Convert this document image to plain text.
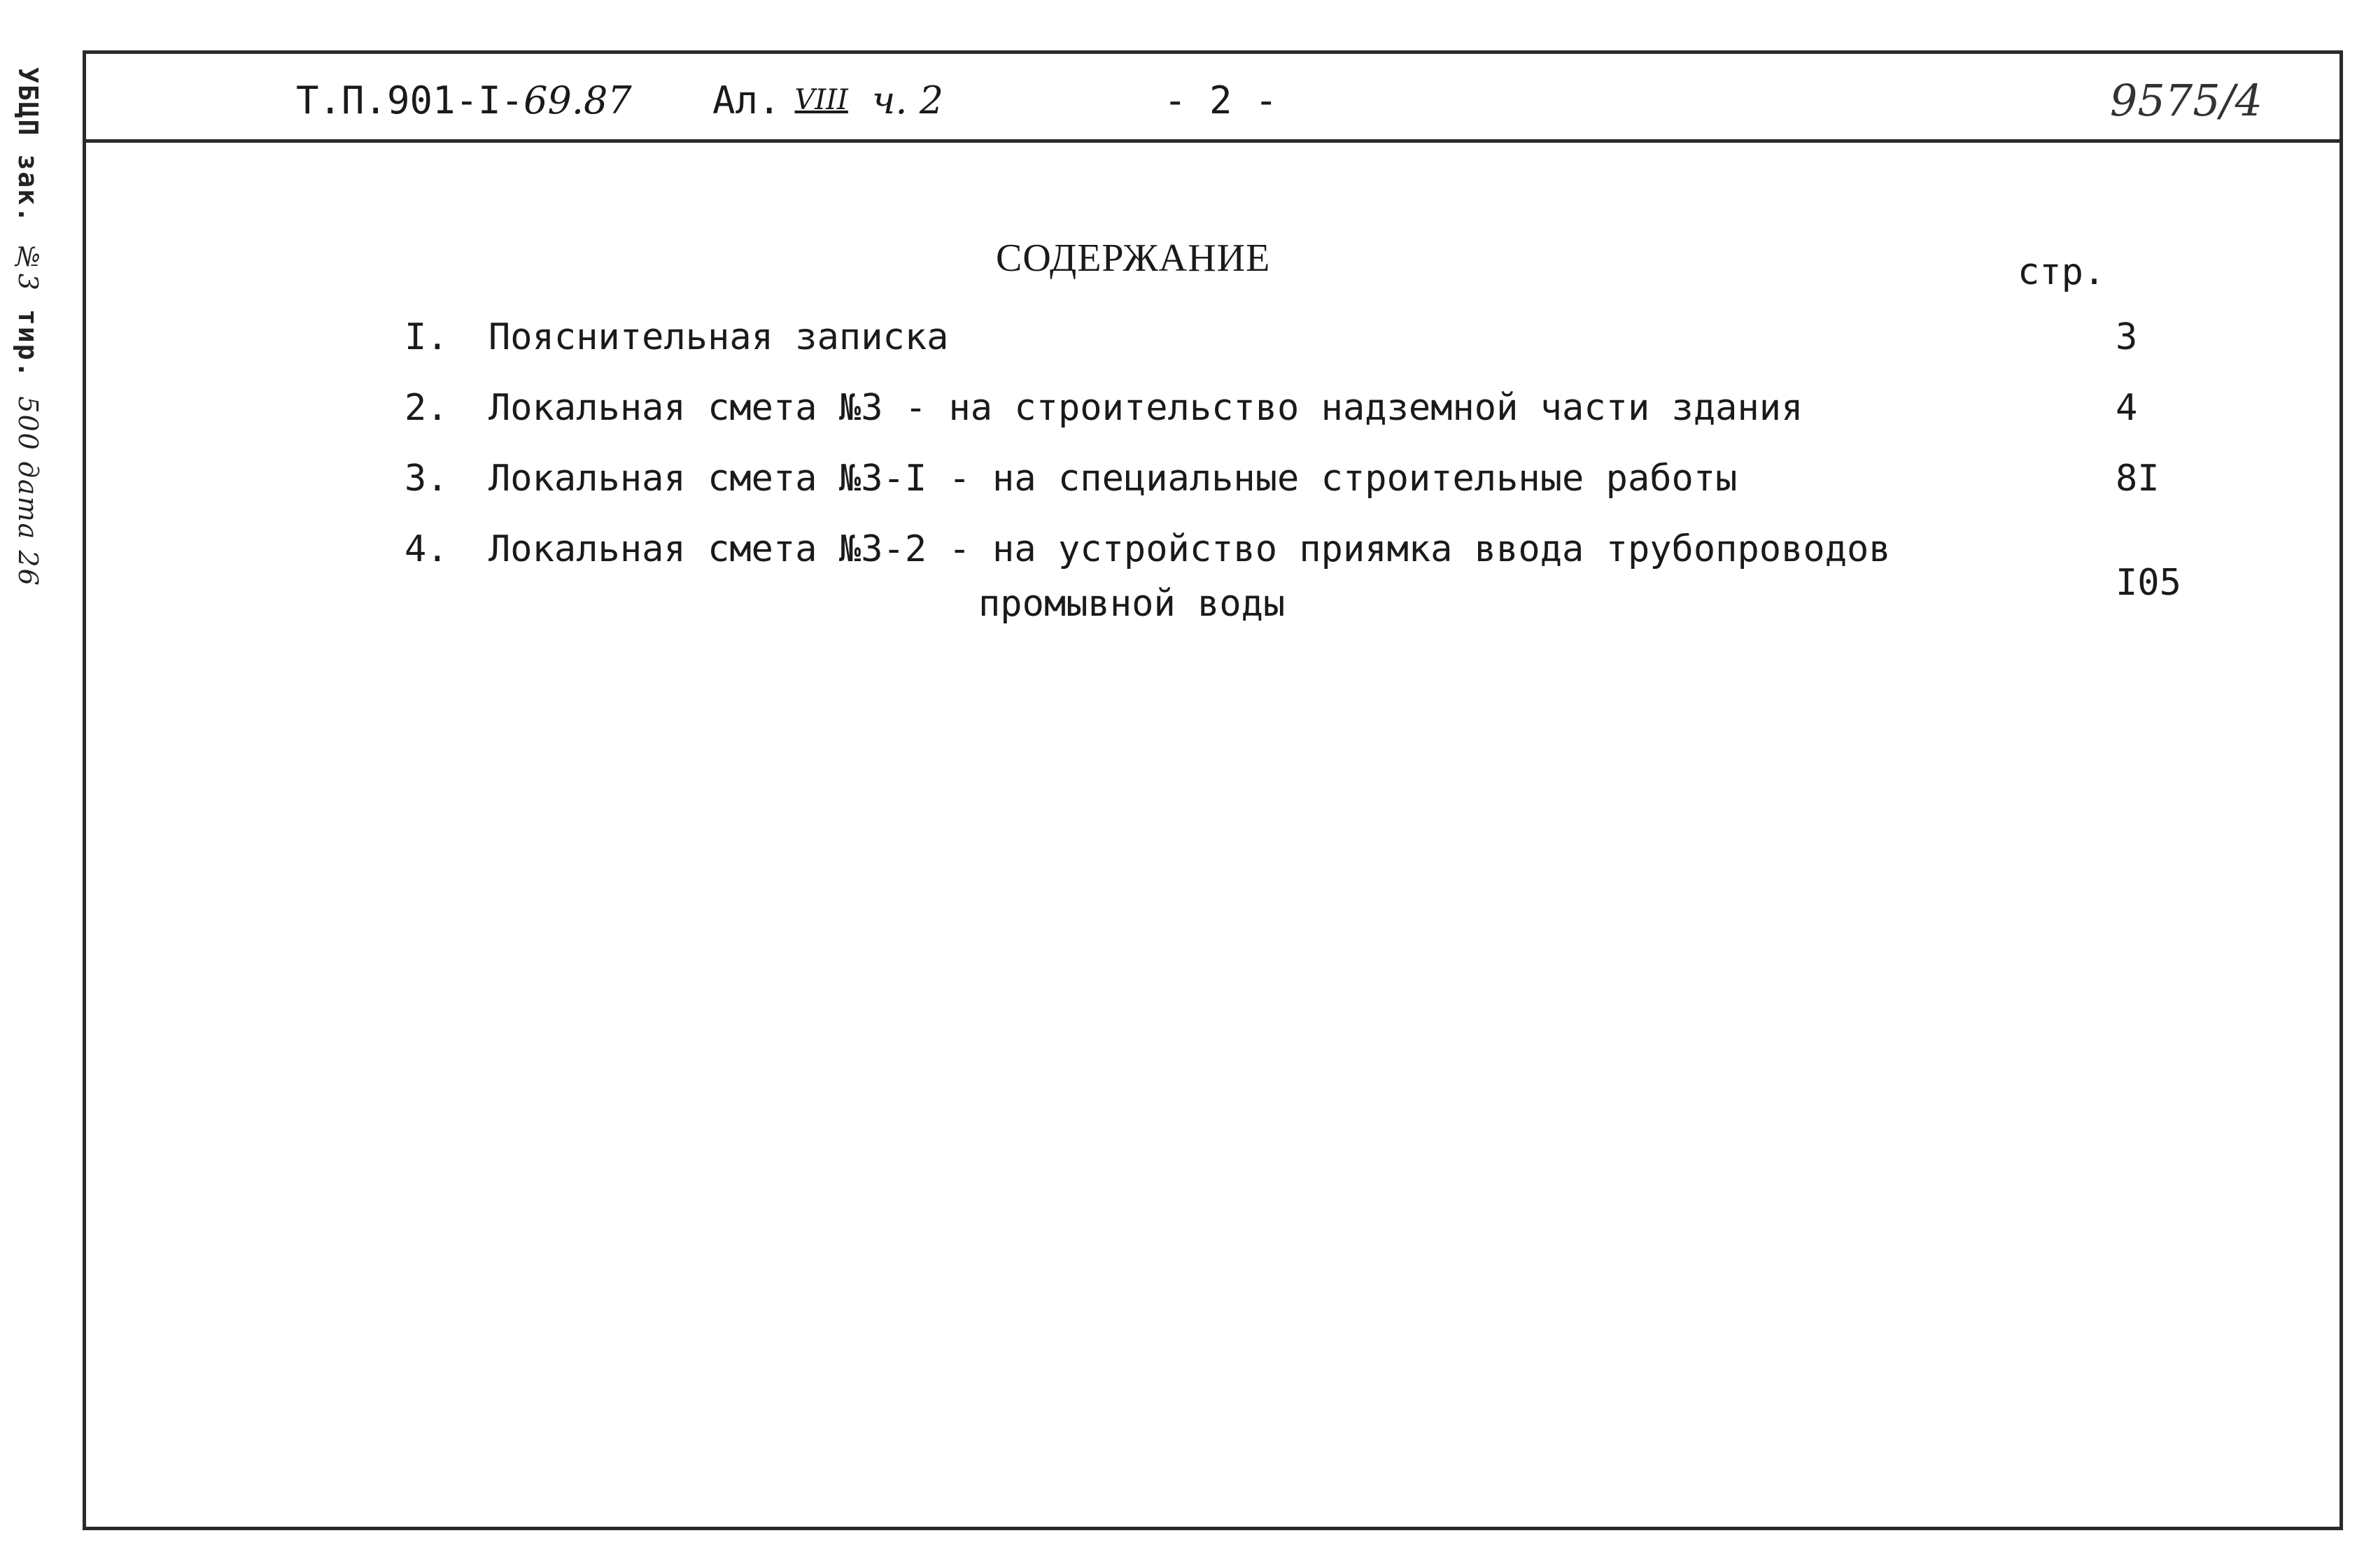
УБЦП зак. №3 тир. 500 дата 26
Т.П.901-I- 69.87 Ал. VIII ч. 2	- 2 -	9575/4
СОДЕРЖАНИЕ	стр.
I. Пояснительная записка	3
2. Локальная смета №3 - на строительство надземной части здания	4
3. Локальная смета №3-I - на специальные строительные работы	8I
4. Локальная смета №3-2 - на устройство приямка ввода трубопроводов
промывной воды	I05
